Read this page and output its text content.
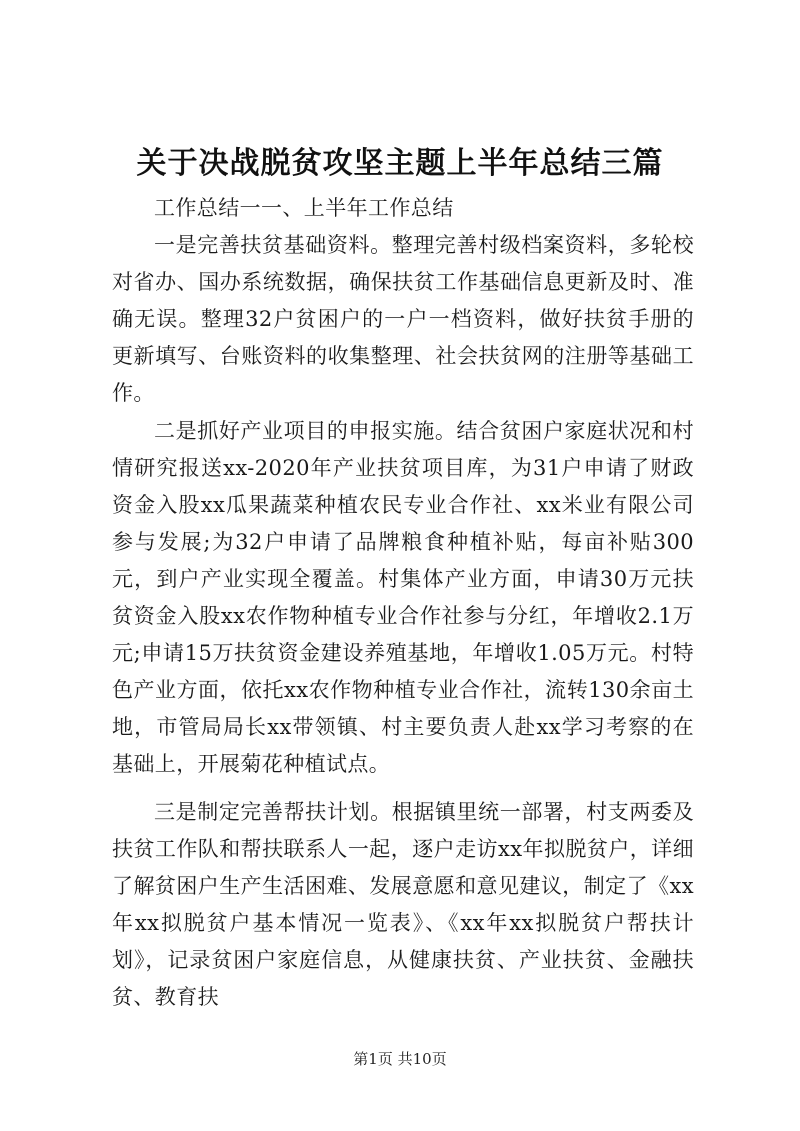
关于决战脱贫攻坚主题上半年总结三篇

工作总结一一、上半年工作总结

一是完善扶贫基础资料。整理完善村级档案资料，多轮校对省办、国办系统数据，确保扶贫工作基础信息更新及时、准确无误。整理32户贫困户的一户一档资料，做好扶贫手册的更新填写、台账资料的收集整理、社会扶贫网的注册等基础工作。

二是抓好产业项目的申报实施。结合贫困户家庭状况和村情研究报送xx-2020年产业扶贫项目库，为31户申请了财政资金入股xx瓜果蔬菜种植农民专业合作社、xx米业有限公司参与发展;为32户申请了品牌粮食种植补贴，每亩补贴300元，到户产业实现全覆盖。村集体产业方面，申请30万元扶贫资金入股xx农作物种植专业合作社参与分红，年增收2.1万元;申请15万扶贫资金建设养殖基地，年增收1.05万元。村特色产业方面，依托xx农作物种植专业合作社，流转130余亩土地，市管局局长xx带领镇、村主要负责人赴xx学习考察的在基础上，开展菊花种植试点。

三是制定完善帮扶计划。根据镇里统一部署，村支两委及扶贫工作队和帮扶联系人一起，逐户走访xx年拟脱贫户，详细了解贫困户生产生活困难、发展意愿和意见建议，制定了《xx年xx拟脱贫户基本情况一览表》、《xx年xx拟脱贫户帮扶计划》，记录贫困户家庭信息，从健康扶贫、产业扶贫、金融扶贫、教育扶

第1页 共10页
